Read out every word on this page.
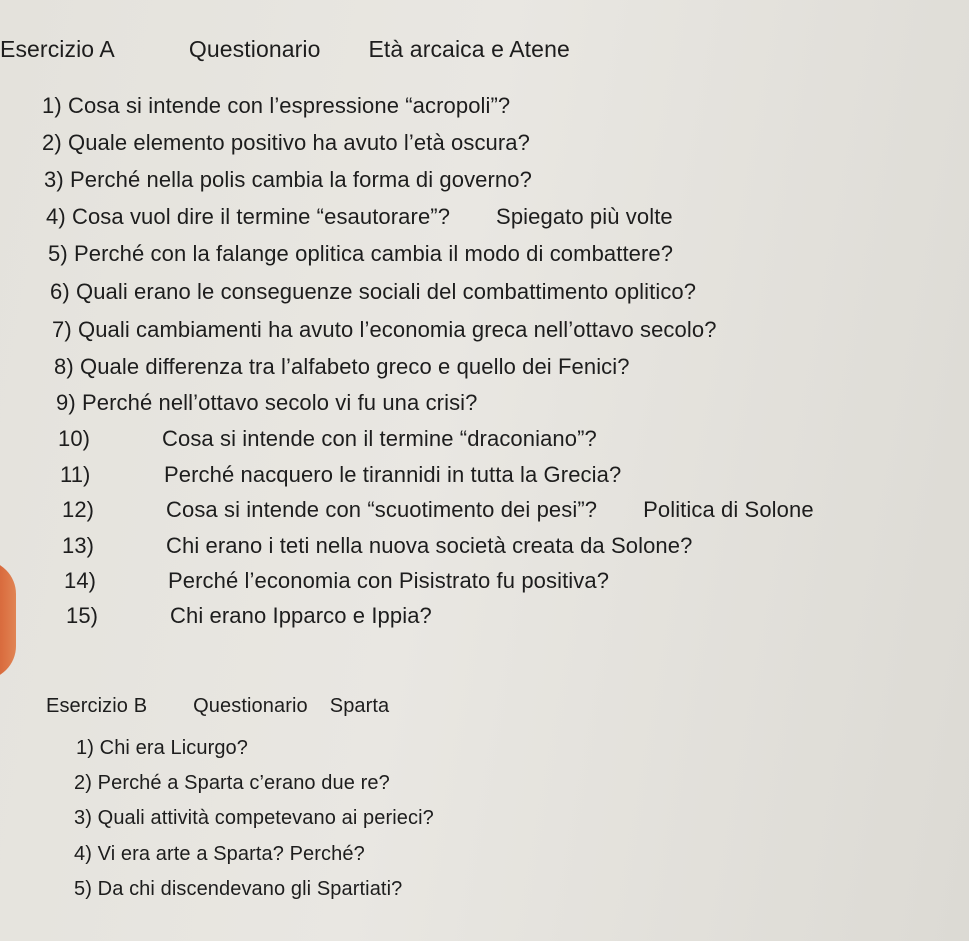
Esercizio A	Questionario Età arcaica e Atene
1) Cosa si intende con l’espressione “acropoli”?
2) Quale elemento positivo ha avuto l’età oscura?
3) Perché nella polis cambia la forma di governo?
4) Cosa vuol dire il termine “esautorare”? Spiegato più volte
5) Perché con la falange oplitica cambia il modo di combattere?
6) Quali erano le conseguenze sociali del combattimento oplitico?
7) Quali cambiamenti ha avuto l’economia greca nell’ottavo secolo?
8) Quale differenza tra l’alfabeto greco e quello dei Fenici?
9) Perché nell’ottavo secolo vi fu una crisi?
10)	Cosa si intende con il termine “draconiano”?
11)	Perché nacquero le tirannidi in tutta la Grecia?
12)	Cosa si intende con “scuotimento dei pesi”? Politica di Solone
13)	Chi erano i teti nella nuova società creata da Solone?
14)	Perché l’economia con Pisistrato fu positiva?
15)	Chi erano Ipparco e Ippia?
Esercizio B Questionario Sparta
1) Chi era Licurgo?
2) Perché a Sparta c’erano due re?
3) Quali attività competevano ai perieci?
4) Vi era arte a Sparta? Perché?
5) Da chi discendevano gli Spartiati?
